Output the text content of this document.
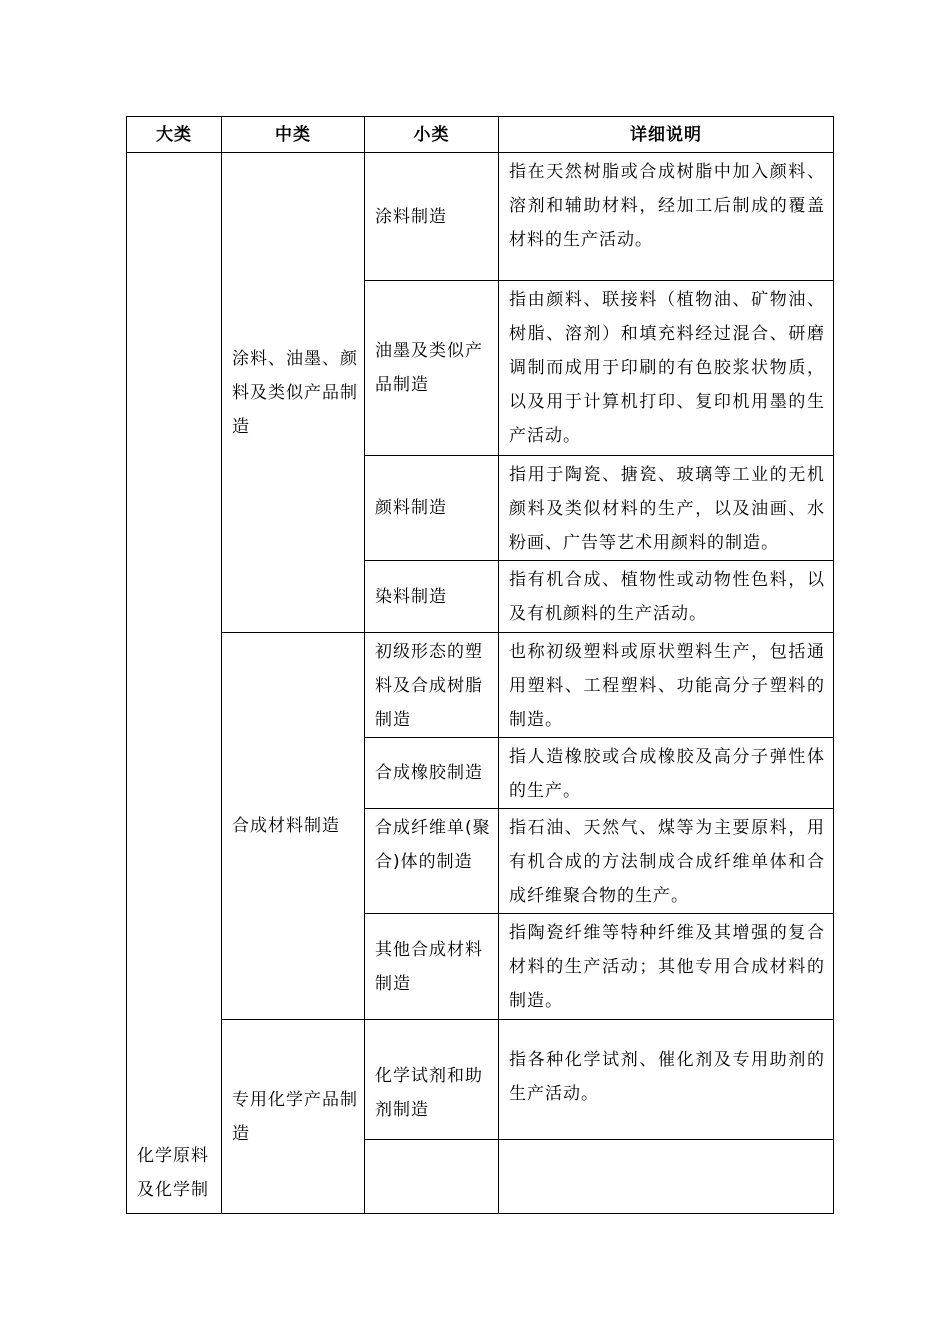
大类	中类	小类	详细说明

化学原料及化学制	涂料、油墨、颜料及类似产品制造	涂料制造	指在天然树脂或合成树脂中加入颜料、溶剂和辅助材料，经加工后制成的覆盖材料的生产活动。

		油墨及类似产品制造	指由颜料、联接料（植物油、矿物油、树脂、溶剂）和填充料经过混合、研磨调制而成用于印刷的有色胶浆状物质，以及用于计算机打印、复印机用墨的生产活动。

		颜料制造	指用于陶瓷、搪瓷、玻璃等工业的无机颜料及类似材料的生产，以及油画、水粉画、广告等艺术用颜料的制造。

		染料制造	指有机合成、植物性或动物性色料，以及有机颜料的生产活动。

	合成材料制造	初级形态的塑料及合成树脂制造	也称初级塑料或原状塑料生产，包括通用塑料、工程塑料、功能高分子塑料的制造。

		合成橡胶制造	指人造橡胶或合成橡胶及高分子弹性体的生产。

		合成纤维单(聚合)体的制造	指石油、天然气、煤等为主要原料，用有机合成的方法制成合成纤维单体和合成纤维聚合物的生产。

		其他合成材料制造	指陶瓷纤维等特种纤维及其增强的复合材料的生产活动；其他专用合成材料的制造。

	专用化学产品制造	化学试剂和助剂制造	指各种化学试剂、催化剂及专用助剂的生产活动。
